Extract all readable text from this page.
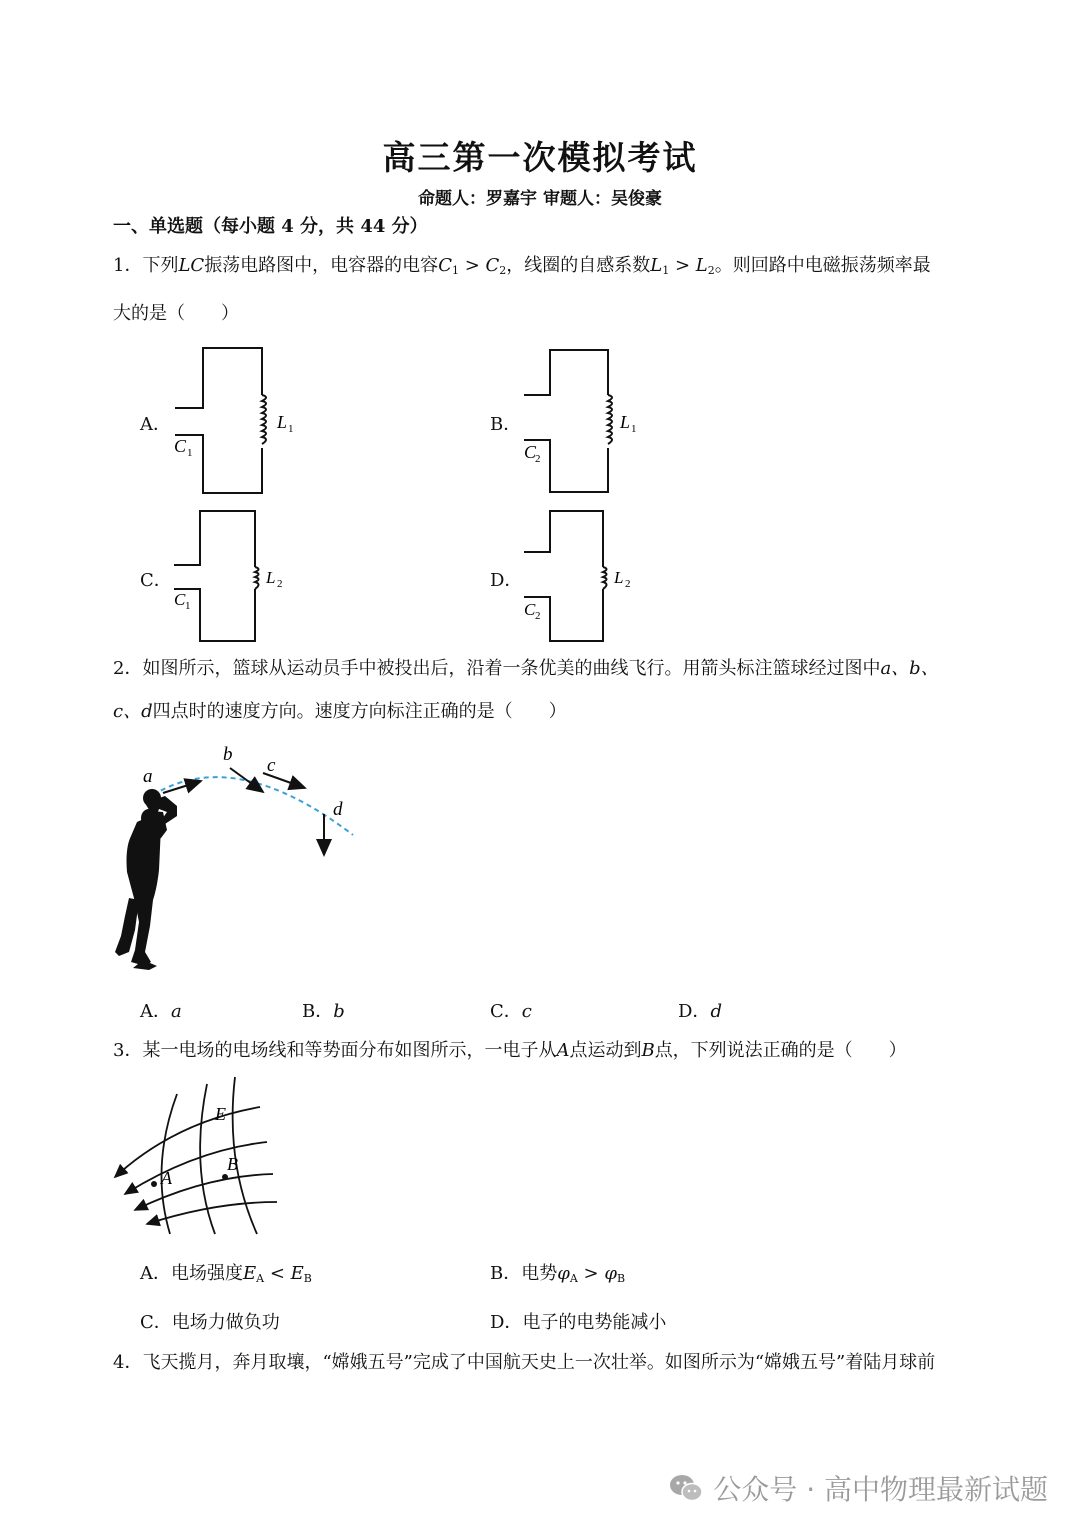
高三第一次模拟考试
命题人：罗嘉宇 审题人：吴俊豪
一、单选题（每小题 4 分，共 44 分）
1．下列LC振荡电路图中，电容器的电容$C_1 > C_2$，线圈的自感系数$L_1 > L_2$。则回路中电磁振荡频率最
大的是（　　）
A．
C 1
L 1	B．
C
2
L 1
C．
C 1
L 2	D．
C 2
L 2
2．如图所示，篮球从运动员手中被投出后，沿着一条优美的曲线飞行。用箭头标注篮球经过图中a、b、
c、d四点时的速度方向。速度方向标注正确的是（　　）
a
b
c
d
A．a	B．b	C．c	D．d
3．某一电场的电场线和等势面分布如图所示，一电子从A点运动到B点，下列说法正确的是（　　）
E
A
B
A．电场强度$E_A < E_B$	B．电势$\varphi_A > \varphi_B$
C．电场力做负功	D．电子的电势能减小
4．飞天揽月，奔月取壤，“嫦娥五号”完成了中国航天史上一次壮举。如图所示为“嫦娥五号”着陆月球前
公众号 · 高中物理最新试题
